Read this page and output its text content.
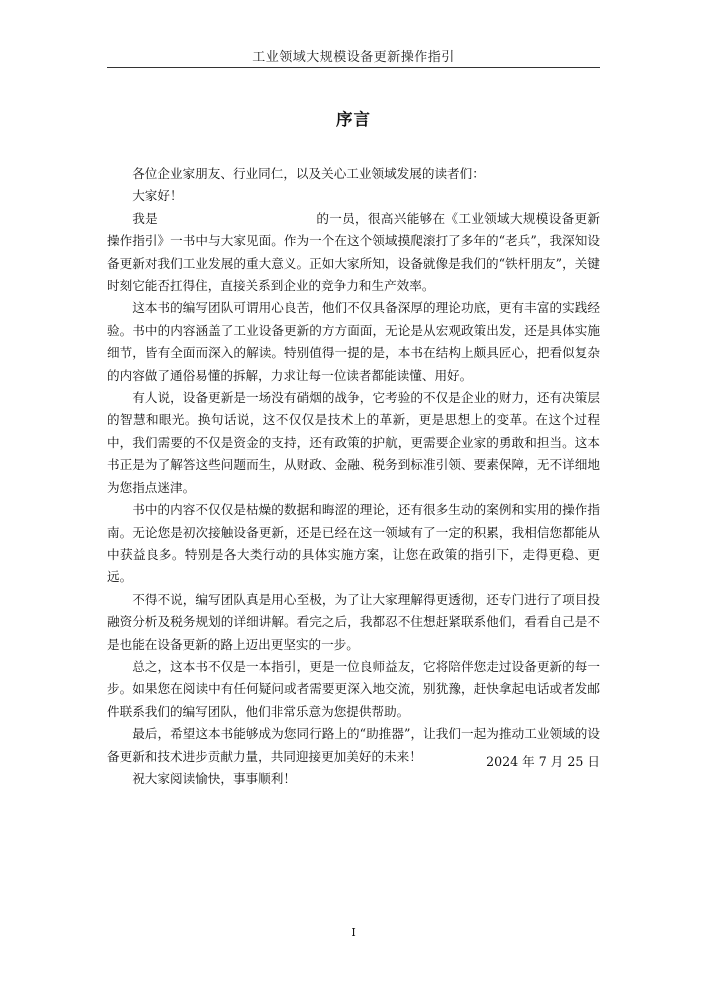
工业领域大规模设备更新操作指引
序言

各位企业家朋友、行业同仁，以及关心工业领域发展的读者们：

大家好！

我是	的一员，很高兴能够在《工业领域大规模设备更新操作指引》一书中与大家见面。作为一个在这个领域摸爬滚打了多年的“老兵”，我深知设备更新对我们工业发展的重大意义。正如大家所知，设备就像是我们的“铁杆朋友”，关键时刻它能否扛得住，直接关系到企业的竞争力和生产效率。

这本书的编写团队可谓用心良苦，他们不仅具备深厚的理论功底，更有丰富的实践经验。书中的内容涵盖了工业设备更新的方方面面，无论是从宏观政策出发，还是具体实施细节，皆有全面而深入的解读。特别值得一提的是，本书在结构上颇具匠心，把看似复杂的内容做了通俗易懂的拆解，力求让每一位读者都能读懂、用好。

有人说，设备更新是一场没有硝烟的战争，它考验的不仅是企业的财力，还有决策层的智慧和眼光。换句话说，这不仅仅是技术上的革新，更是思想上的变革。在这个过程中，我们需要的不仅是资金的支持，还有政策的护航，更需要企业家的勇敢和担当。这本书正是为了解答这些问题而生，从财政、金融、税务到标准引领、要素保障，无不详细地为您指点迷津。

书中的内容不仅仅是枯燥的数据和晦涩的理论，还有很多生动的案例和实用的操作指南。无论您是初次接触设备更新，还是已经在这一领域有了一定的积累，我相信您都能从中获益良多。特别是各大类行动的具体实施方案，让您在政策的指引下，走得更稳、更远。

不得不说，编写团队真是用心至极，为了让大家理解得更透彻，还专门进行了项目投融资分析及税务规划的详细讲解。看完之后，我都忍不住想赶紧联系他们，看看自己是不是也能在设备更新的路上迈出更坚实的一步。

总之，这本书不仅是一本指引，更是一位良师益友，它将陪伴您走过设备更新的每一步。如果您在阅读中有任何疑问或者需要更深入地交流，别犹豫，赶快拿起电话或者发邮件联系我们的编写团队，他们非常乐意为您提供帮助。

最后，希望这本书能够成为您同行路上的“助推器”，让我们一起为推动工业领域的设备更新和技术进步贡献力量，共同迎接更加美好的未来！

祝大家阅读愉快，事事顺利！

2024 年 7 月 25 日
I
